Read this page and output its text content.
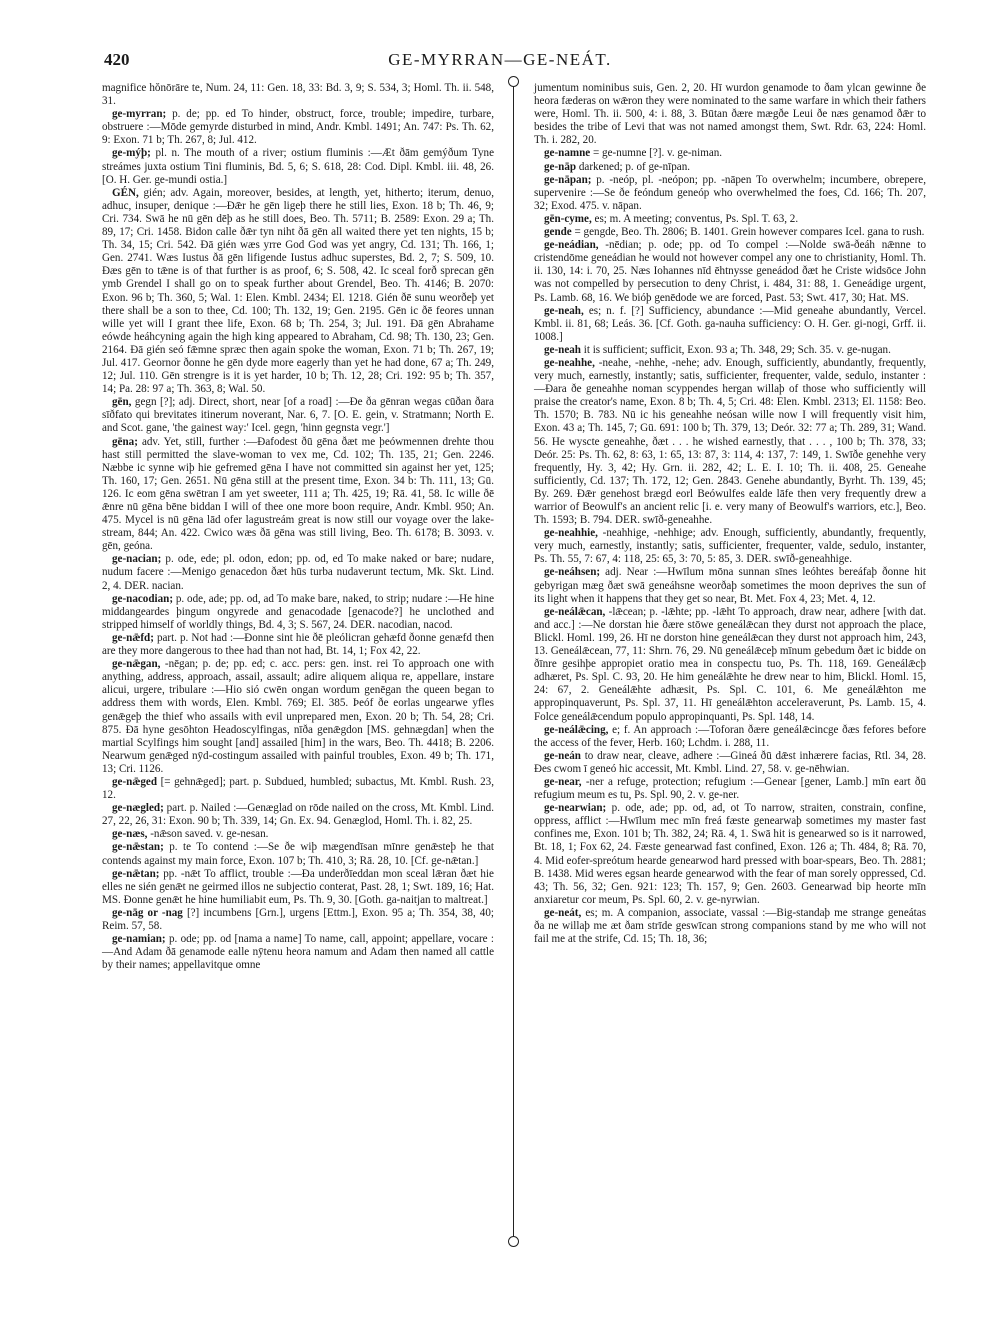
420	GE-MYRRAN—GE-NEÁT.

magnifice hŏnōrāre te, Num. 24, 11: Gen. 18, 33: Bd. 3, 9; S. 534, 3; Homl. Th. ii. 548, 31.

ge-myrran; p. de; pp. ed To hinder, obstruct, force, trouble; impedire, turbare, obstruere :—Mōde gemyrde disturbed in mind, Andr. Kmbl. 1491; An. 747: Ps. Th. 62, 9: Exon. 71 b; Th. 267, 8; Jul. 412.

ge-mýþ; pl. n. The mouth of a river; ostium fluminis :—Æt ðām gemýðum Tyne streámes juxta ostium Tini fluminis, Bd. 5, 6; S. 618, 28: Cod. Dipl. Kmbl. iii. 48, 26. [O. H. Ger. ge-mundi ostia.]

GÉN, gién; adv. Again, moreover, besides, at length, yet, hitherto; iterum, denuo, adhuc, insuper, denique :—Ðǣr he gēn ligeþ there he still lies, Exon. 18 b; Th. 46, 9; Cri. 734. Swā he nū gēn dēþ as he still does, Beo. Th. 5711; B. 2589: Exon. 29 a; Th. 89, 17; Cri. 1458. Bidon calle ðǣr tyn niht ðā gēn all waited there yet ten nights, 15 b; Th. 34, 15; Cri. 542. Ðā gién wæs yrre God God was yet angry, Cd. 131; Th. 166, 1; Gen. 2741. Wæs Iustus ðā gēn lifigende Iustus adhuc superstes, Bd. 2, 7; S. 509, 10. Ðæs gēn to tǣne is of that further is as proof, 6; S. 508, 42. Ic sceal forð sprecan gēn ymb Grendel I shall go on to speak further about Grendel, Beo. Th. 4146; B. 2070: Exon. 96 b; Th. 360, 5; Wal. 1: Elen. Kmbl. 2434; El. 1218. Gién ðē sunu weorðeþ yet there shall be a son to thee, Cd. 100; Th. 132, 19; Gen. 2195. Gēn ic ðē feores unnan wille yet will I grant thee life, Exon. 68 b; Th. 254, 3; Jul. 191. Ðā gēn Abrahame eówde heáhcyning again the high king appeared to Abraham, Cd. 98; Th. 130, 23; Gen. 2164. Ðā gién seó fǣmne spræc then again spoke the woman, Exon. 71 b; Th. 267, 19; Jul. 417. Geornor ðonne he gēn dyde more eagerly than yet he had done, 67 a; Th. 249, 12; Jul. 110. Gēn strengre is it is yet harder, 10 b; Th. 12, 28; Cri. 192: 95 b; Th. 357, 14; Pa. 28: 97 a; Th. 363, 8; Wal. 50.

gēn, gegn [?]; adj. Direct, short, near [of a road] :—Ðe ða gēnran wegas cūðan ðara sīðfato qui brevitates itinerum noverant, Nar. 6, 7. [O. E. gein, v. Stratmann; North E. and Scot. gane, 'the gainest way:' Icel. gegn, 'hinn gegnsta vegr.']

gēna; adv. Yet, still, further :—Ðafodest ðū gēna ðæt me þeówmennen drehte thou hast still permitted the slave-woman to vex me, Cd. 102; Th. 135, 21; Gen. 2246. Næbbe ic synne wiþ hie gefremed gēna I have not committed sin against her yet, 125; Th. 160, 17; Gen. 2651. Nū gēna still at the present time, Exon. 34 b: Th. 111, 13; Gū. 126. Ic eom gēna swētran I am yet sweeter, 111 a; Th. 425, 19; Rā. 41, 58. Ic wille ðē ǣnre nū gēna bēne biddan I will of thee one more boon require, Andr. Kmbl. 950; An. 475. Mycel is nū gēna lād ofer lagustreám great is now still our voyage over the lake-stream, 844; An. 422. Cwico wæs ðā gēna was still living, Beo. Th. 6178; B. 3093. v. gēn, geóna.

ge-nacian; p. ode, ede; pl. odon, edon; pp. od, ed To make naked or bare; nudare, nudum facere :—Menigo genacedon ðæt hūs turba nudaverunt tectum, Mk. Skt. Lind. 2, 4. DER. nacian.

ge-nacodian; p. ode, ade; pp. od, ad To make bare, naked, to strip; nudare :—He hine middangeardes þingum ongyrede and genacodade [genacode?] he unclothed and stripped himself of worldly things, Bd. 4, 3; S. 567, 24. DER. nacodian, nacod.

ge-nǣfd; part. p. Not had :—Ðonne sint hie ðē pleólicran gehæfd ðonne genæfd then are they more dangerous to thee had than not had, Bt. 14, 1; Fox 42, 22.

ge-nǣgan, -nēgan; p. de; pp. ed; c. acc. pers: gen. inst. rei To approach one with anything, address, approach, assail, assault; adire aliquem aliqua re, appellare, instare alicui, urgere, tribulare :—Hio sió cwēn ongan wordum genēgan the queen began to address them with words, Elen. Kmbl. 769; El. 385. Þeóf ðe eorlas ungearwe yfles genǣgeþ the thief who assails with evil unprepared men, Exon. 20 b; Th. 54, 28; Cri. 875. Ðā hyne gesōhton Headoscylfingas, nīða genǣgdon [MS. gehnægdan] when the martial Scylfings him sought [and] assailed [him] in the wars, Beo. Th. 4418; B. 2206. Nearwum genǣged nȳd-costingum assailed with painful troubles, Exon. 49 b; Th. 171, 13; Cri. 1126.

ge-nǣged [= gehnǣged]; part. p. Subdued, humbled; subactus, Mt. Kmbl. Rush. 23, 12.

ge-nægled; part. p. Nailed :—Genæglad on rōde nailed on the cross, Mt. Kmbl. Lind. 27, 22, 26, 31: Exon. 90 b; Th. 339, 14; Gn. Ex. 94. Genæglod, Homl. Th. i. 82, 25.

ge-næs, -nǣson saved. v. ge-nesan.

ge-nǣstan; p. te To contend :—Se ðe wiþ mægendīsan mīnre genǣsteþ he that contends against my main force, Exon. 107 b; Th. 410, 3; Rā. 28, 10. [Cf. ge-nǣtan.]

ge-nǣtan; pp. -nǣt To afflict, trouble :—Ða underðīeddan mon sceal lǣran ðæt hie elles ne sién genǣt ne geirmed illos ne subjectio conterat, Past. 28, 1; Swt. 189, 16; Hat. MS. Ðonne genǣt he hine humiliabit eum, Ps. Th. 9, 30. [Goth. ga-naitjan to maltreat.]

ge-nāg or -nag [?] incumbens [Grn.], urgens [Ettm.], Exon. 95 a; Th. 354, 38, 40; Reim. 57, 58.

ge-namian; p. ode; pp. od [nama a name] To name, call, appoint; appellare, vocare :—And Adam ðā genamode ealle nȳtenu heora namum and Adam then named all cattle by their names; appellavitque omne

jumentum nominibus suis, Gen. 2, 20. Hī wurdon genamode to ðam ylcan gewinne ðe heora fæderas on wǣron they were nominated to the same warfare in which their fathers were, Homl. Th. ii. 500, 4: i. 88, 3. Būtan ðære mægðe Leui ðe næs genamod ðǣr to besides the tribe of Levi that was not named amongst them, Swt. Rdr. 63, 224: Homl. Th. i. 282, 20.

ge-namne = ge-numne [?]. v. ge-niman.

ge-nāp darkened; p. of ge-nīpan.

ge-nāpan; p. -neóp, pl. -neópon; pp. -nāpen To overwhelm; incumbere, obrepere, supervenire :—Se ðe feóndum geneóp who overwhelmed the foes, Cd. 166; Th. 207, 32; Exod. 475. v. nāpan.

gēn-cyme, es; m. A meeting; conventus, Ps. Spl. T. 63, 2.

gende = gengde, Beo. Th. 2806; B. 1401. Grein however compares Icel. gana to rush.

ge-neádian, -nēdian; p. ode; pp. od To compel :—Nolde swā-ðeáh nǣnne to cristendōme geneádian he would not however compel any one to christianity, Homl. Th. ii. 130, 14: i. 70, 25. Næs Iohannes nīd ēhtnysse geneádod ðæt he Criste widsōce John was not compelled by persecution to deny Christ, i. 484, 31: 88, 1. Geneádige urgent, Ps. Lamb. 68, 16. We bióþ genēdode we are forced, Past. 53; Swt. 417, 30; Hat. MS.

ge-neah, es; n. f. [?] Sufficiency, abundance :—Mid geneahe abundantly, Vercel. Kmbl. ii. 81, 68; Leás. 36. [Cf. Goth. ga-nauha sufficiency: O. H. Ger. gi-nogi, Grff. ii. 1008.]

ge-neah it is sufficient; sufficit, Exon. 93 a; Th. 348, 29; Sch. 35. v. ge-nugan.

ge-neahhe, -neahe, -nehhe, -nehe; adv. Enough, sufficiently, abundantly, frequently, very much, earnestly, instantly; satis, sufficienter, frequenter, valde, sedulo, instanter :—Ðara ðe geneahhe noman scyppendes hergan willaþ of those who sufficiently will praise the creator's name, Exon. 8 b; Th. 4, 5; Cri. 48: Elen. Kmbl. 2313; El. 1158: Beo. Th. 1570; B. 783. Nū ic his geneahhe neósan wille now I will frequently visit him, Exon. 43 a; Th. 145, 7; Gū. 691: 100 b; Th. 379, 13; Deór. 32: 77 a; Th. 289, 31; Wand. 56. He wyscte geneahhe, ðæt . . . he wished earnestly, that . . . , 100 b; Th. 378, 33; Deór. 25: Ps. Th. 62, 8: 63, 1: 65, 13: 87, 3: 114, 4: 137, 7: 149, 1. Swīðe genehhe very frequently, Hy. 3, 42; Hy. Grn. ii. 282, 42; L. E. I. 10; Th. ii. 408, 25. Geneahe sufficiently, Cd. 137; Th. 172, 12; Gen. 2843. Genehe abundantly, Byrht. Th. 139, 45; By. 269. Ðǣr genehost brægd eorl Beówulfes ealde lāfe then very frequently drew a warrior of Beowulf's an ancient relic [i. e. very many of Beowulf's warriors, etc.], Beo. Th. 1593; B. 794. DER. swīð-geneahhe.

ge-neahhie, -neahhige, -nehhige; adv. Enough, sufficiently, abundantly, frequently, very much, earnestly, instantly; satis, sufficienter, frequenter, valde, sedulo, instanter, Ps. Th. 55, 7: 67, 4: 118, 25: 65, 3: 70, 5: 85, 3. DER. swīð-geneahhige.

ge-neáhsen; adj. Near :—Hwīlum mōna sunnan sīnes leóhtes bereáfaþ ðonne hit gebyrigan mæg ðæt swā geneáhsne weorðaþ sometimes the moon deprives the sun of its light when it happens that they get so near, Bt. Met. Fox 4, 23; Met. 4, 12.

ge-neálǣcan, -lǣcean; p. -lǣhte; pp. -lǣht To approach, draw near, adhere [with dat. and acc.] :—Ne dorstan hie ðære stōwe geneálǣcan they durst not approach the place, Blickl. Homl. 199, 26. Hī ne dorston hine geneálǣcan they durst not approach him, 243, 13. Geneálǣcean, 77, 11: Shrn. 76, 29. Nū geneálǣceþ mīnum gebedum ðæt ic bidde on ðīnre gesihþe appropiet oratio mea in conspectu tuo, Ps. Th. 118, 169. Geneálǣcþ adhæret, Ps. Spl. C. 93, 20. He him geneálǣhte he drew near to him, Blickl. Homl. 15, 24: 67, 2. Geneálǣhte adhæsit, Ps. Spl. C. 101, 6. Me geneálǣhton me appropinquaverunt, Ps. Spl. 37, 11. Hī geneálǣhton acceleraverunt, Ps. Lamb. 15, 4. Folce geneálǣcendum populo appropinquanti, Ps. Spl. 148, 14.

ge-neálǣcing, e; f. An approach :—Toforan ðære geneálǣcincge ðæs fefores before the access of the fever, Herb. 160; Lchdm. i. 288, 11.

ge-neán to draw near, cleave, adhere :—Gineá ðū dǣst inhærere facias, Rtl. 34, 28. Ðes cwom ī geneó hic accessit, Mt. Kmbl. Lind. 27, 58. v. ge-nēhwian.

ge-near, -ner a refuge, protection; refugium :—Genear [gener, Lamb.] mīn eart ðū refugium meum es tu, Ps. Spl. 90, 2. v. ge-ner.

ge-nearwian; p. ode, ade; pp. od, ad, ot To narrow, straiten, constrain, confine, oppress, afflict :—Hwīlum mec mīn freá fæste genearwaþ sometimes my master fast confines me, Exon. 101 b; Th. 382, 24; Rā. 4, 1. Swā hit is genearwed so is it narrowed, Bt. 18, 1; Fox 62, 24. Fæste genearwad fast confined, Exon. 126 a; Th. 484, 8; Rā. 70, 4. Mid eofer-spreótum hearde genearwod hard pressed with boar-spears, Beo. Th. 2881; B. 1438. Mid weres egsan hearde genearwod with the fear of man sorely oppressed, Cd. 43; Th. 56, 32; Gen. 921: 123; Th. 157, 9; Gen. 2603. Genearwad bip heorte mīn anxiaretur cor meum, Ps. Spl. 60, 2. v. ge-nyrwian.

ge-neát, es; m. A companion, associate, vassal :—Big-standaþ me strange geneátas ða ne willaþ me æt ðam strīde geswīcan strong companions stand by me who will not fail me at the strife, Cd. 15; Th. 18, 36;
